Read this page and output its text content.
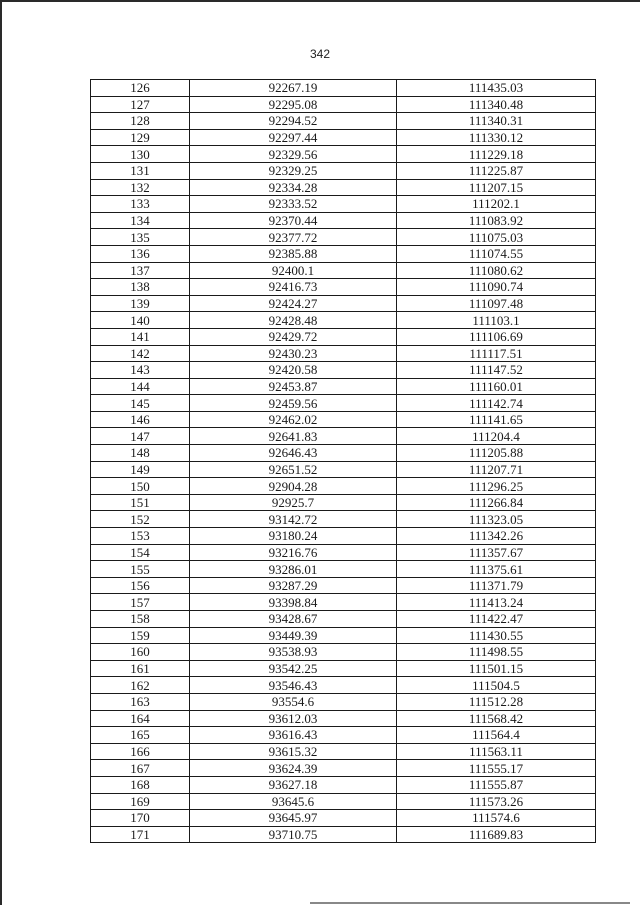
342
126	92267.19	111435.03
127	92295.08	111340.48
128	92294.52	111340.31
129	92297.44	111330.12
130	92329.56	111229.18
131	92329.25	111225.87
132	92334.28	111207.15
133	92333.52	111202.1
134	92370.44	111083.92
135	92377.72	111075.03
136	92385.88	111074.55
137	92400.1	111080.62
138	92416.73	111090.74
139	92424.27	111097.48
140	92428.48	111103.1
141	92429.72	111106.69
142	92430.23	111117.51
143	92420.58	111147.52
144	92453.87	111160.01
145	92459.56	111142.74
146	92462.02	111141.65
147	92641.83	111204.4
148	92646.43	111205.88
149	92651.52	111207.71
150	92904.28	111296.25
151	92925.7	111266.84
152	93142.72	111323.05
153	93180.24	111342.26
154	93216.76	111357.67
155	93286.01	111375.61
156	93287.29	111371.79
157	93398.84	111413.24
158	93428.67	111422.47
159	93449.39	111430.55
160	93538.93	111498.55
161	93542.25	111501.15
162	93546.43	111504.5
163	93554.6	111512.28
164	93612.03	111568.42
165	93616.43	111564.4
166	93615.32	111563.11
167	93624.39	111555.17
168	93627.18	111555.87
169	93645.6	111573.26
170	93645.97	111574.6
171	93710.75	111689.83
